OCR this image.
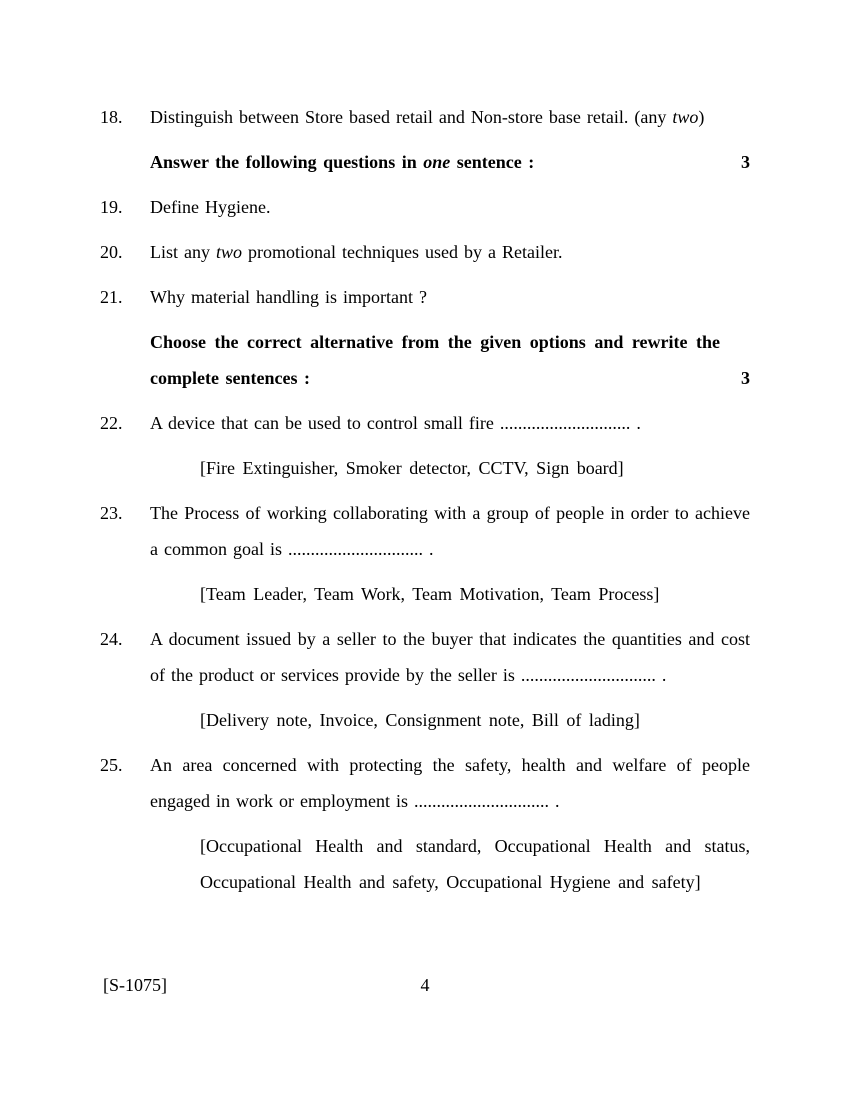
18.	Distinguish between Store based retail and Non-store base retail. (any two)
Answer the following questions in one sentence :	3
19.	Define Hygiene.
20.	List any two promotional techniques used by a Retailer.
21.	Why material handling is important ?
Choose the correct alternative from the given options and rewrite the complete sentences :	3
22.	A device that can be used to control small fire ............................. .
[Fire Extinguisher, Smoker detector, CCTV, Sign board]
23.	The Process of working collaborating with a group of people in order to achieve a common goal is .............................. .
[Team Leader, Team Work, Team Motivation, Team Process]
24.	A document issued by a seller to the buyer that indicates the quantities and cost of the product or services provide by the seller is .............................. .
[Delivery note, Invoice, Consignment note, Bill of lading]
25.	An area concerned with protecting the safety, health and welfare of people engaged in work or employment is .............................. .
[Occupational Health and standard, Occupational Health and status, Occupational Health and safety, Occupational Hygiene and safety]
[S-1075]	4
